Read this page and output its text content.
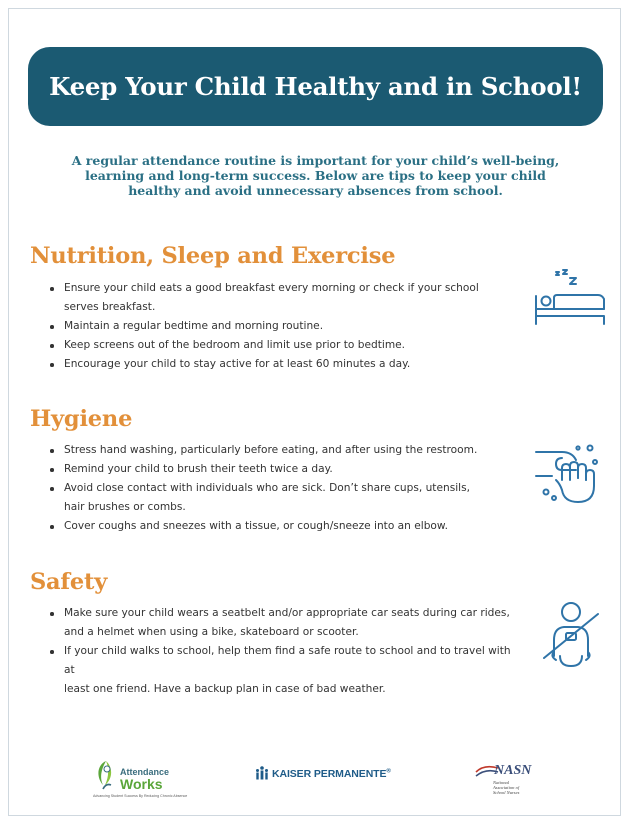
Keep Your Child Healthy and in School!
A regular attendance routine is important for your child’s well-being,
learning and long-term success. Below are tips to keep your child
healthy and avoid unnecessary absences from school.
Nutrition, Sleep and Exercise
Ensure your child eats a good breakfast every morning or check if your school
serves breakfast.
Maintain a regular bedtime and morning routine.
Keep screens out of the bedroom and limit use prior to bedtime.
Encourage your child to stay active for at least 60 minutes a day.
Hygiene
Stress hand washing, particularly before eating, and after using the restroom.
Remind your child to brush their teeth twice a day.
Avoid close contact with individuals who are sick. Don’t share cups, utensils,
hair brushes or combs.
Cover coughs and sneezes with a tissue, or cough/sneeze into an elbow.
Safety
Make sure your child wears a seatbelt and/or appropriate car seats during car rides,
and a helmet when using a bike, skateboard or scooter.
If your child walks to school, help them find a safe route to school and to travel with at
least one friend. Have a backup plan in case of bad weather.
Attendance
Works
Advancing Student Success By Reducing Chronic Absence
KAISER PERMANENTE®	NASN
National
Association of
School Nurses
